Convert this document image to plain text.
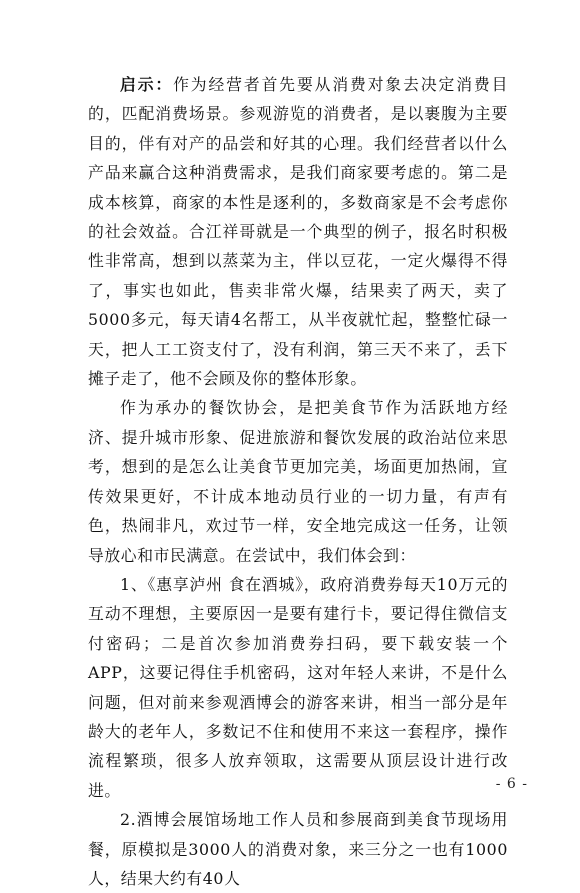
启示：作为经营者首先要从消费对象去决定消费目的，匹配消费场景。参观游览的消费者，是以裹腹为主要目的，伴有对产的品尝和好其的心理。我们经营者以什么产品来赢合这种消费需求，是我们商家要考虑的。第二是成本核算，商家的本性是逐利的，多数商家是不会考虑你的社会效益。合江祥哥就是一个典型的例子，报名时积极性非常高，想到以蒸菜为主，伴以豆花，一定火爆得不得了，事实也如此，售卖非常火爆，结果卖了两天，卖了5000多元，每天请4名帮工，从半夜就忙起，整整忙碌一天，把人工工资支付了，没有利润，第三天不来了，丢下摊子走了，他不会顾及你的整体形象。

作为承办的餐饮协会，是把美食节作为活跃地方经济、提升城市形象、促进旅游和餐饮发展的政治站位来思考，想到的是怎么让美食节更加完美，场面更加热闹，宣传效果更好，不计成本地动员行业的一切力量，有声有色，热闹非凡，欢过节一样，安全地完成这一任务，让领导放心和市民满意。在尝试中，我们体会到：

1、《惠享泸州 食在酒城》，政府消费券每天10万元的互动不理想，主要原因一是要有建行卡，要记得住微信支付密码；二是首次参加消费券扫码，要下载安装一个APP，这要记得住手机密码，这对年轻人来讲，不是什么问题，但对前来参观酒博会的游客来讲，相当一部分是年龄大的老年人，多数记不住和使用不来这一套程序，操作流程繁琐，很多人放弃领取，这需要从顶层设计进行改进。

2.酒博会展馆场地工作人员和参展商到美食节现场用餐，原模拟是3000人的消费对象，来三分之一也有1000人，结果大约有40人

- 6 -
